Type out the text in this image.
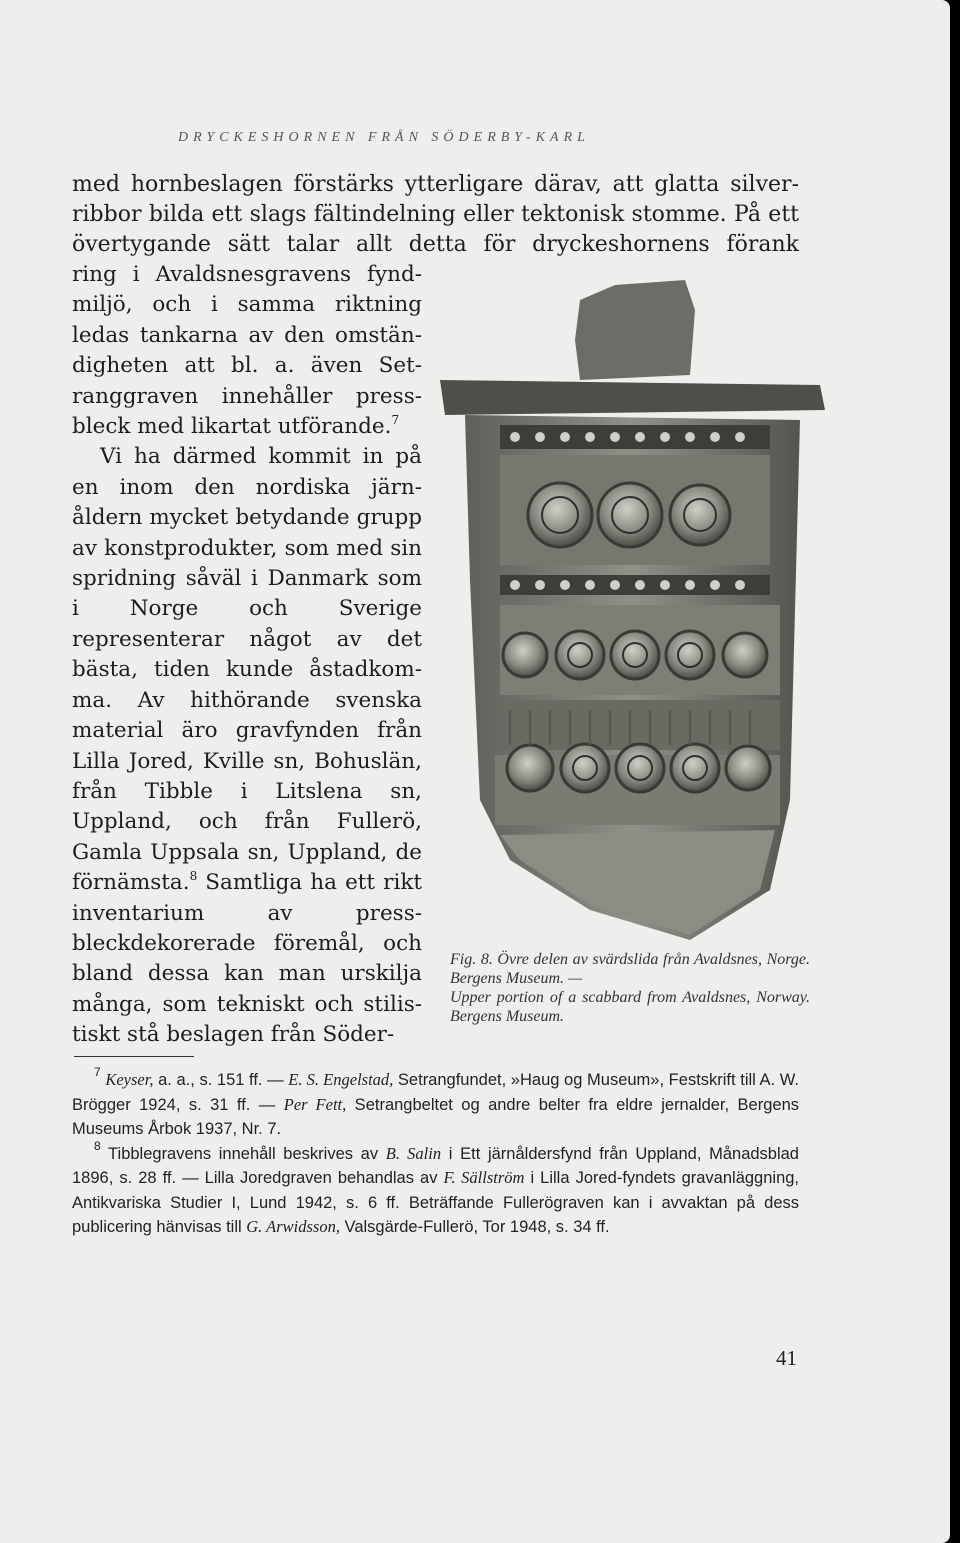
DRYCKESHORNEN FRÅN SÖDERBY-KARL
med hornbeslagen förstärks ytterligare därav, att glatta silverribbor bilda ett slags fältindelning eller tektonisk stomme. På ett övertygande sätt talar allt detta för dryckeshornens förank

ring i Avaldsnesgravens fyndmiljö, och i samma riktning ledas tankarna av den omständigheten att bl. a. även Setranggraven innehåller pressbleck med likartat utförande.$^7$

Vi ha därmed kommit in på en inom den nordiska järnåldern mycket betydande grupp av konstprodukter, som med sin spridning såväl i Danmark som i Norge och Sverige representerar något av det bästa, tiden kunde åstadkomma. Av hithörande svenska material äro gravfynden från Lilla Jored, Kville sn, Bohuslän, från Tibble i Litslena sn, Uppland, och från Fullerö, Gamla Uppsala sn, Uppland, de förnämsta.$^8$ Samtliga ha ett rikt inventarium av pressbleckdekorerade föremål, och bland dessa kan man urskilja många, som tekniskt och stilistiskt stå beslagen från Söder-

Fig. 8. Övre delen av svärdslida från Avaldsnes, Norge. Bergens Museum. —

Upper portion of a scabbard from Avaldsnes, Norway. Bergens Museum.

$^7$ Keyser, a. a., s. 151 ff. — E. S. Engelstad, Setrangfundet, »Haug og Museum», Festskrift till A. W. Brögger 1924, s. 31 ff. — Per Fett, Setrangbeltet og andre belter fra eldre jernalder, Bergens Museums Årbok 1937, Nr. 7.

$^8$ Tibblegravens innehåll beskrives av B. Salin i Ett järnåldersfynd från Uppland, Månadsblad 1896, s. 28 ff. — Lilla Joredgraven behandlas av F. Sällström i Lilla Jored-fyndets gravanläggning, Antikvariska Studier I, Lund 1942, s. 6 ff. Beträffande Fullerögraven kan i avvaktan på dess publicering hänvisas till G. Arwidsson, Valsgärde-Fullerö, Tor 1948, s. 34 ff.

41
